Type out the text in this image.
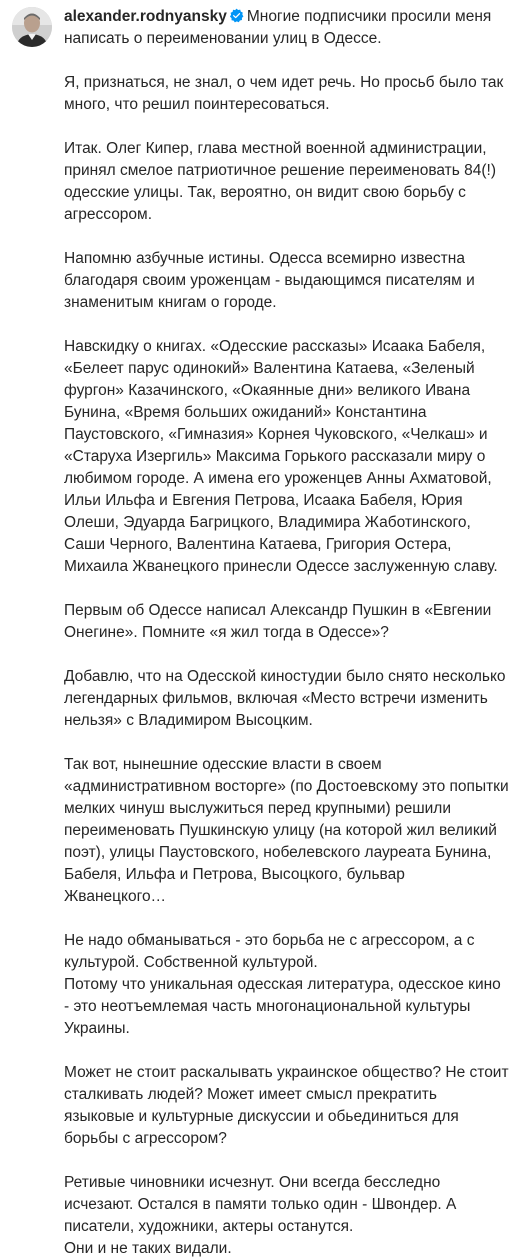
alexander.rodnyansky Многие подписчики просили меня написать о переименовании улиц в Одессе.

Я, признаться, не знал, о чем идет речь. Но просьб было так много, что решил поинтересоваться.

Итак. Олег Кипер, глава местной военной администрации, принял смелое патриотичное решение переименовать 84(!) одесские улицы. Так, вероятно, он видит свою борьбу с агрессором.

Напомню азбучные истины. Одесса всемирно известна благодаря своим уроженцам - выдающимся писателям и знаменитым книгам о городе.

Навскидку о книгах. «Одесские рассказы» Исаака Бабеля, «Белеет парус одинокий» Валентина Катаева, «Зеленый фургон» Казачинского, «Окаянные дни» великого Ивана Бунина, «Время больших ожиданий» Константина Паустовского, «Гимназия» Корнея Чуковского, «Челкаш» и «Старуха Изергиль» Максима Горького рассказали миру о любимом городе. А имена его уроженцев Анны Ахматовой, Ильи Ильфа и Евгения Петрова, Исаака Бабеля, Юрия Олеши, Эдуарда Багрицкого, Владимира Жаботинского, Саши Черного, Валентина Катаева, Григория Остера, Михаила Жванецкого принесли Одессе заслуженную славу.

Первым об Одессе написал Александр Пушкин в «Евгении Онегине». Помните «я жил тогда в Одессе»?

Добавлю, что на Одесской киностудии было снято несколько легендарных фильмов, включая «Место встречи изменить нельзя» с Владимиром Высоцким.

Так вот, нынешние одесские власти в своем «административном восторге» (по Достоевскому это попытки мелких чинуш выслужиться перед крупными) решили переименовать Пушкинскую улицу (на которой жил великий поэт), улицы Паустовского, нобелевского лауреата Бунина, Бабеля, Ильфа и Петрова, Высоцкого, бульвар Жванецкого…

Не надо обманываться - это борьба не с агрессором, а с культурой. Собственной культурой.

Потому что уникальная одесская литература, одесское кино - это неотъемлемая часть многонациональной культуры Украины.

Может не стоит раскалывать украинское общество? Не стоит сталкивать людей? Может имеет смысл прекратить языковые и культурные дискуссии и обьединиться для борьбы с агрессором?

Ретивые чиновники исчезнут. Они всегда бесследно исчезают. Остался в памяти только один - Швондер. А писатели, художники, актеры останутся.

Они и не таких видали.
